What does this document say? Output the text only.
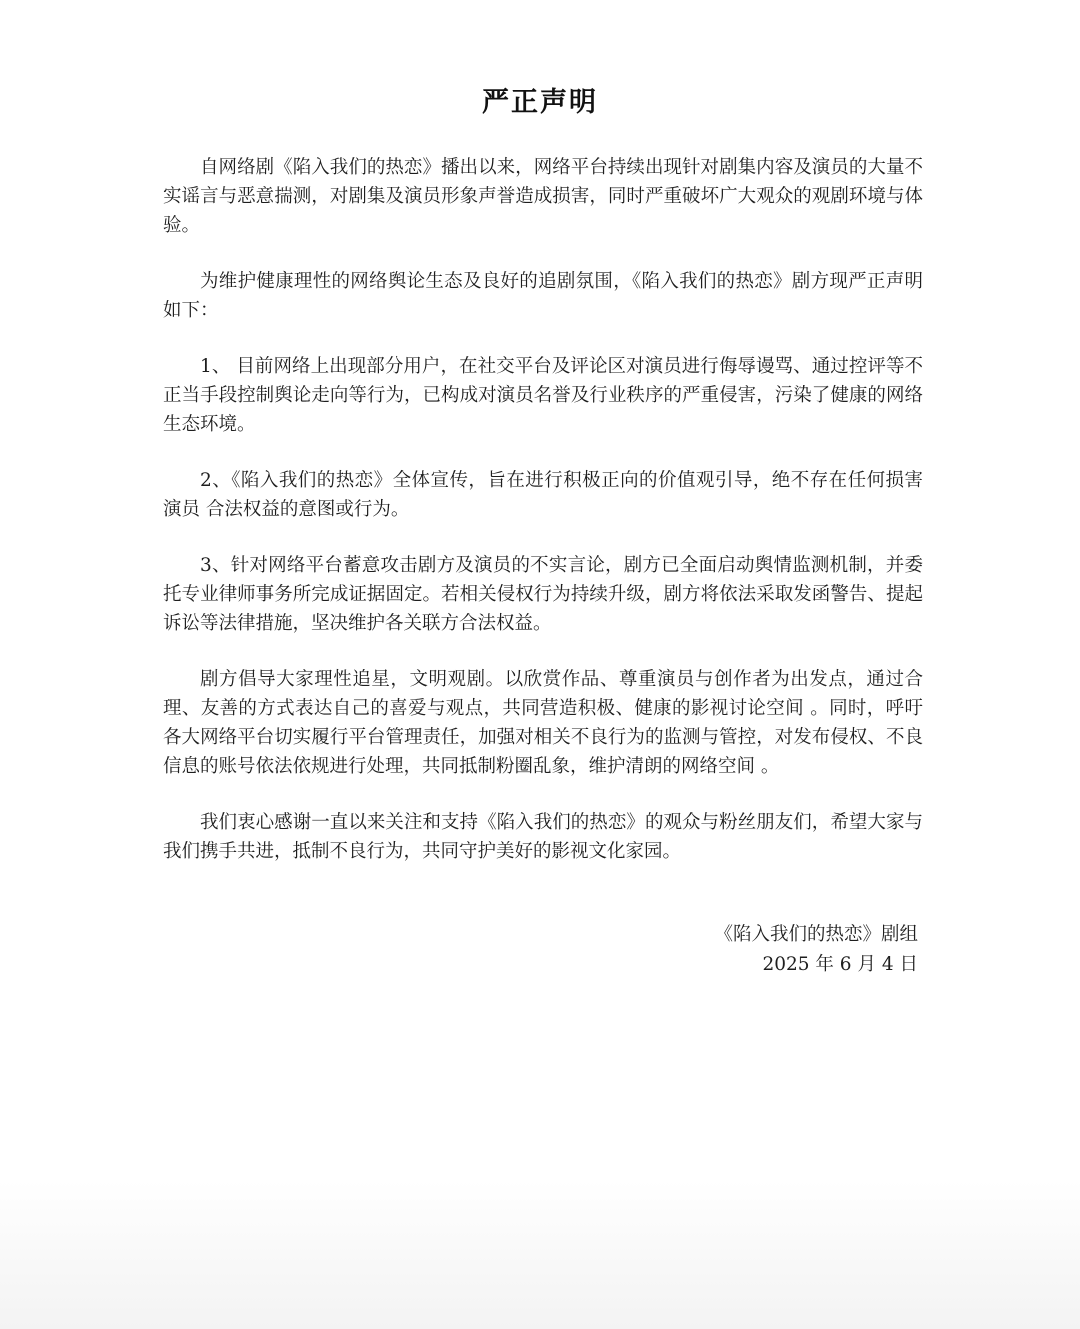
严正声明

自网络剧《陷入我们的热恋》播出以来，网络平台持续出现针对剧集内容及演员的大量不实谣言与恶意揣测，对剧集及演员形象声誉造成损害，同时严重破坏广大观众的观剧环境与体验。

为维护健康理性的网络舆论生态及良好的追剧氛围，《陷入我们的热恋》剧方现严正声明如下：

1、 目前网络上出现部分用户，在社交平台及评论区对演员进行侮辱谩骂、通过控评等不正当手段控制舆论走向等行为，已构成对演员名誉及行业秩序的严重侵害，污染了健康的网络生态环境。

2、《陷入我们的热恋》全体宣传，旨在进行积极正向的价值观引导，绝不存在任何损害演员 合法权益的意图或行为。

3、针对网络平台蓄意攻击剧方及演员的不实言论，剧方已全面启动舆情监测机制，并委托专业律师事务所完成证据固定。若相关侵权行为持续升级，剧方将依法采取发函警告、提起诉讼等法律措施，坚决维护各关联方合法权益。

剧方倡导大家理性追星，文明观剧。以欣赏作品、尊重演员与创作者为出发点，通过合理、友善的方式表达自己的喜爱与观点，共同营造积极、健康的影视讨论空间 。同时，呼吁各大网络平台切实履行平台管理责任，加强对相关不良行为的监测与管控，对发布侵权、不良信息的账号依法依规进行处理，共同抵制粉圈乱象，维护清朗的网络空间 。

我们衷心感谢一直以来关注和支持《陷入我们的热恋》的观众与粉丝朋友们，希望大家与我们携手共进，抵制不良行为，共同守护美好的影视文化家园。

《陷入我们的热恋》剧组
2025 年 6 月 4 日
